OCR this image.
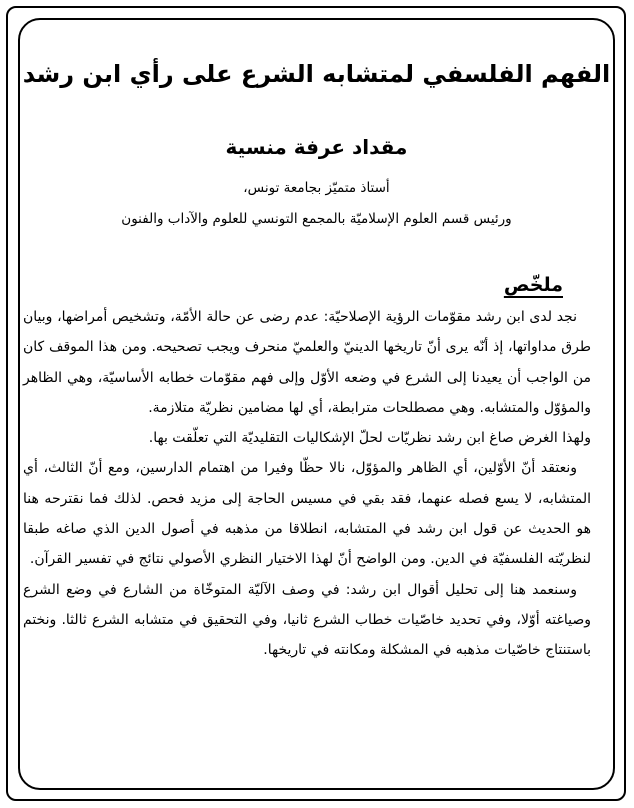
الفهم الفلسفي لمتشابه الشرع على رأي ابن رشد
مقداد عرفة منسية
أستاذ متميّز بجامعة تونس،
ورئيس قسم العلوم الإسلاميّة بالمجمع التونسي للعلوم والآداب والفنون
ملخّص

نجد لدى ابن رشد مقوّمات الرؤية الإصلاحيّة: عدم رضى عن حالة الأمّة، وتشخيص أمراضها، وبيان طرق مداواتها، إذ أنّه يرى أنّ تاريخها الدينيّ والعلميّ منحرف ويجب تصحيحه. ومن هذا الموقف كان من الواجب أن يعيدنا إلى الشرع في وضعه الأوّل وإلى فهم مقوّمات خطابه الأساسيّة، وهي الظاهر والمؤوّل والمتشابه. وهي مصطلحات مترابطة، أي لها مضامين نظريّة متلازمة.

ولهذا الغرض صاغ ابن رشد نظريّات لحلّ الإشكاليات التقليديّة التي تعلّقت بها.

ونعتقد أنّ الأوّلين، أي الظاهر والمؤوّل، نالا حظّا وفيرا من اهتمام الدارسين، ومع أنّ الثالث، أي المتشابه، لا يسع فصله عنهما، فقد بقي في مسيس الحاجة إلى مزيد فحص. لذلك فما نقترحه هنا هو الحديث عن قول ابن رشد في المتشابه، انطلاقا من مذهبه في أصول الدين الذي صاغه طبقا لنظريّته الفلسفيّة في الدين. ومن الواضح أنّ لهذا الاختيار النظري الأصولي نتائج في تفسير القرآن.

وسنعمد هنا إلى تحليل أقوال ابن رشد: في وصف الآليّة المتوخّاة من الشارع في وضع الشرع وصياغته أوّلا، وفي تحديد خاصّيات خطاب الشرع ثانيا، وفي التحقيق في متشابه الشرع ثالثا. ونختم باستنتاج خاصّيات مذهبه في المشكلة ومكانته في تاريخها.
